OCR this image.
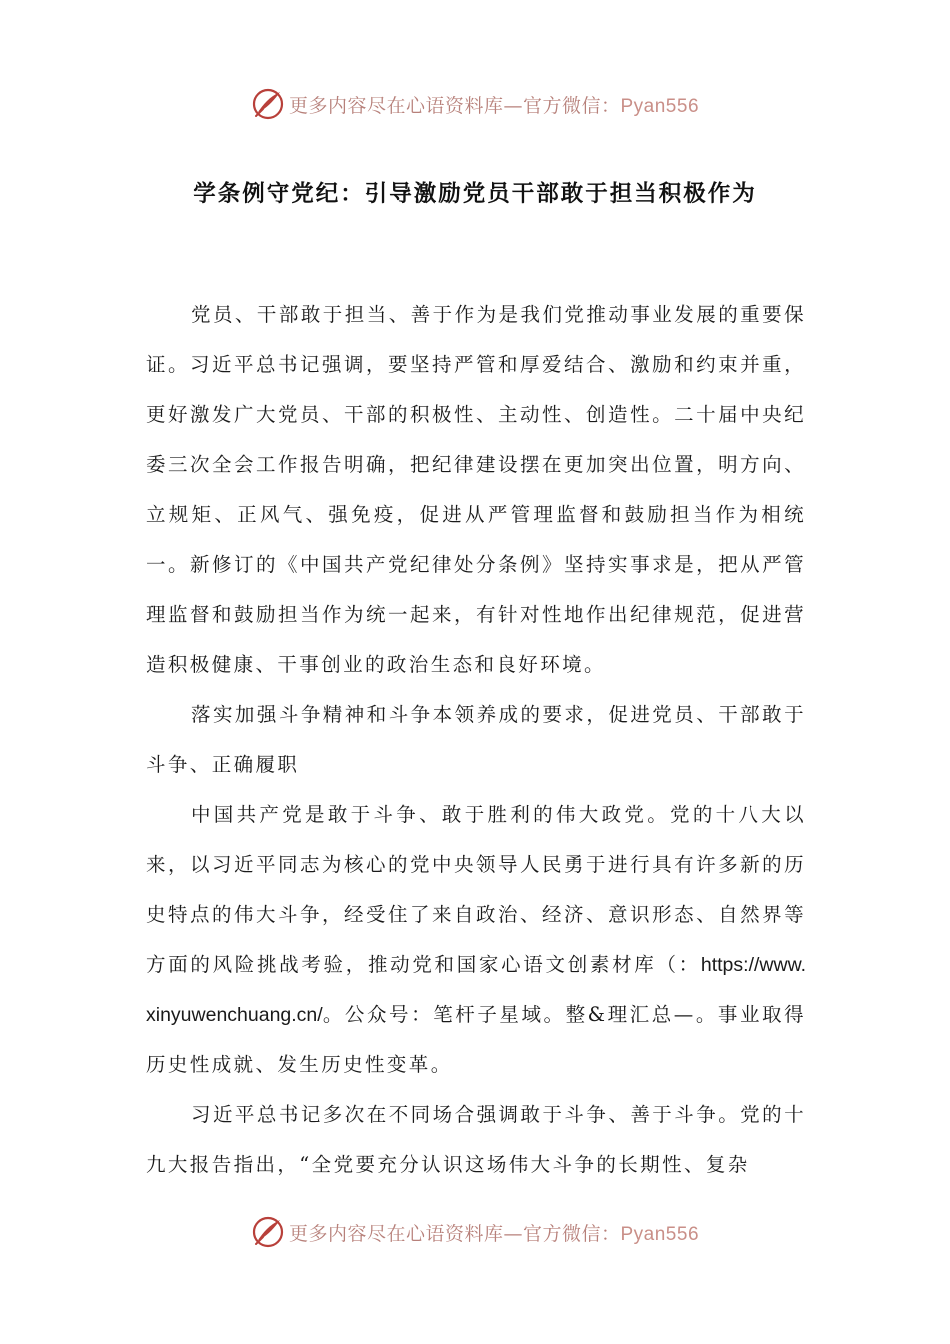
更多内容尽在心语资料库—官方微信：Pyan556
学条例守党纪：引导激励党员干部敢于担当积极作为

党员、干部敢于担当、善于作为是我们党推动事业发展的重要保证。习近平总书记强调，要坚持严管和厚爱结合、激励和约束并重，更好激发广大党员、干部的积极性、主动性、创造性。二十届中央纪委三次全会工作报告明确，把纪律建设摆在更加突出位置，明方向、立规矩、正风气、强免疫，促进从严管理监督和鼓励担当作为相统一。新修订的《中国共产党纪律处分条例》坚持实事求是，把从严管理监督和鼓励担当作为统一起来，有针对性地作出纪律规范，促进营造积极健康、干事创业的政治生态和良好环境。

落实加强斗争精神和斗争本领养成的要求，促进党员、干部敢于斗争、正确履职

中国共产党是敢于斗争、敢于胜利的伟大政党。党的十八大以来，以习近平同志为核心的党中央领导人民勇于进行具有许多新的历史特点的伟大斗争，经受住了来自政治、经济、意识形态、自然界等方面的风险挑战考验，推动党和国家心语文创素材库（：https://www.xinyuwenchuang.cn/。公众号：笔杆子星域。整&理汇总—。事业取得历史性成就、发生历史性变革。

习近平总书记多次在不同场合强调敢于斗争、善于斗争。党的十九大报告指出，“全党要充分认识这场伟大斗争的长期性、复杂

更多内容尽在心语资料库—官方微信：Pyan556
